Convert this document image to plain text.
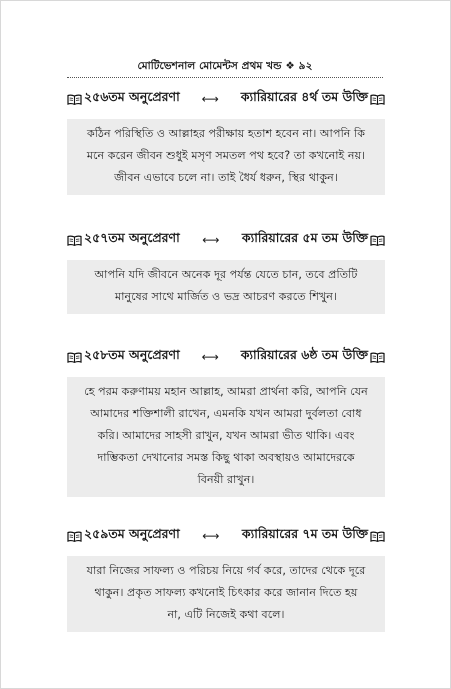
মোটিভেশনাল মোমেন্টস প্রথম খন্ড ❖ ৯২
২৫৬তম অনুপ্রেরণা ⟷ ক্যারিয়ারের ৪র্থ তম উক্তি
কঠিন পরিস্থিতি ও আল্লাহর পরীক্ষায় হতাশ হবেন না। আপনি কি
মনে করেন জীবন শুধুই মসৃণ সমতল পথ হবে? তা কখনোই নয়।
জীবন এভাবে চলে না। তাই ধৈর্য ধরুন, স্থির থাকুন।
২৫৭তম অনুপ্রেরণা ⟷ ক্যারিয়ারের ৫ম তম উক্তি
আপনি যদি জীবনে অনেক দূর পর্যন্ত যেতে চান, তবে প্রতিটি
মানুষের সাথে মার্জিত ও ভদ্র আচরণ করতে শিখুন।
২৫৮তম অনুপ্রেরণা ⟷ ক্যারিয়ারের ৬ষ্ঠ তম উক্তি
হে পরম করুণাময় মহান আল্লাহ, আমরা প্রার্থনা করি, আপনি যেন
আমাদের শক্তিশালী রাখেন, এমনকি যখন আমরা দুর্বলতা বোধ
করি। আমাদের সাহসী রাখুন, যখন আমরা ভীত থাকি। এবং
দাম্ভিকতা দেখানোর সমস্ত কিছু থাকা অবস্থায়ও আমাদেরকে
বিনয়ী রাখুন।
২৫৯তম অনুপ্রেরণা ⟷ ক্যারিয়ারের ৭ম তম উক্তি
যারা নিজের সাফল্য ও পরিচয় নিয়ে গর্ব করে, তাদের থেকে দূরে
থাকুন। প্রকৃত সাফল্য কখনোই চিৎকার করে জানান দিতে হয়
না, এটি নিজেই কথা বলে।
